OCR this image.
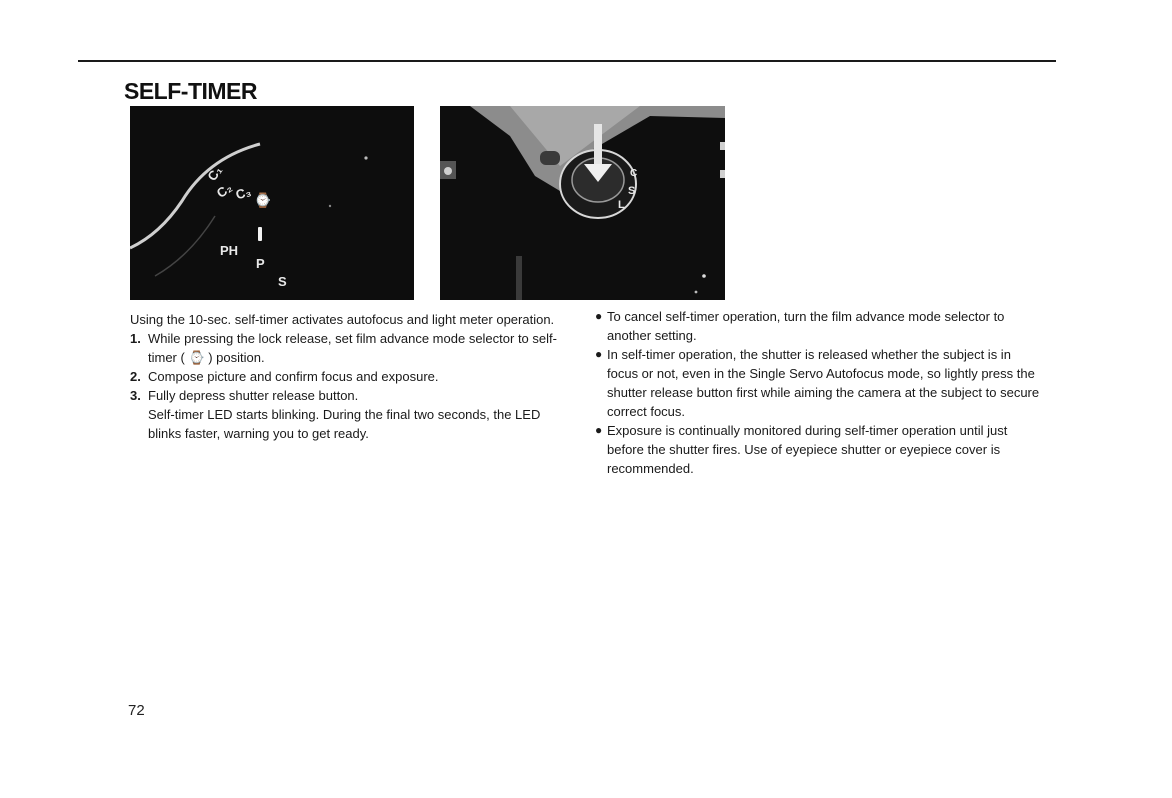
SELF-TIMER
C₁
C₂ C₃ ⌚
PH
P
S
L
S
C

Using the 10-sec. self-timer activates autofocus and light meter operation.

1. While pressing the lock release, set film advance mode selector to self-timer ( ⌚ ) position.
2. Compose picture and confirm focus and exposure.
3. Fully depress shutter release button.
Self-timer LED starts blinking. During the final two seconds, the LED blinks faster, warning you to get ready.
● To cancel self-timer operation, turn the film advance mode selector to another setting.
● In self-timer operation, the shutter is released whether the subject is in focus or not, even in the Single Servo Autofocus mode, so lightly press the shutter release button first while aiming the camera at the subject to secure correct focus.
● Exposure is continually monitored during self-timer operation until just before the shutter fires. Use of eyepiece shutter or eyepiece cover is recommended.
72
